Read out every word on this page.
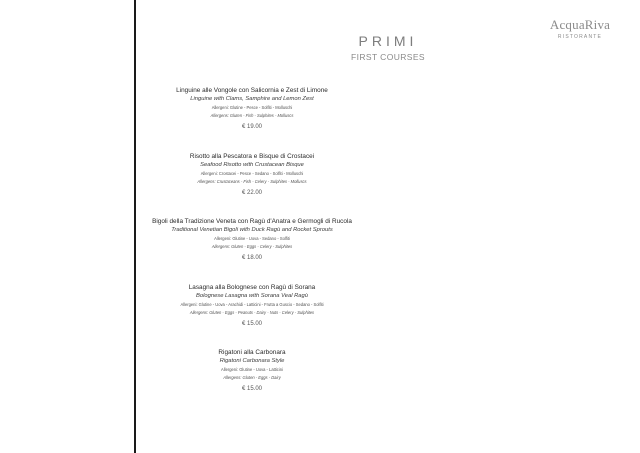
AcquaRiva
RISTORANTE
PRIMI
FIRST COURSES
Linguine alle Vongole con Salicornia e Zest di Limone
Linguine with Clams, Samphire and Lemon Zest
Allergeni: Glutine - Pesce - Solfiti - Molluschi
Allergens: Gluten - Fish - Sulphites - Molluscs
€ 19.00
Risotto alla Pescatora e Bisque di Crostacei
Seafood Risotto with Crustacean Bisque
Allergeni: Crostacei - Pesce - Sedano - Solfiti - Molluschi
Allergens: Crustaceans - Fish - Celery - Sulphites - Molluscs
€ 22.00
Bigoli della Tradizione Veneta con Ragù d'Anatra e Germogli di Rucola
Traditional Venetian Bigoli with Duck Ragù and Rocket Sprouts
Allergeni: Glutine - Uova - Sedano - Solfiti
Allergens: Gluten - Eggs - Celery - Sulphites
€ 18.00
Lasagna alla Bolognese con Ragù di Sorana
Bolognese Lasagna with Sorana Veal Ragù
Allergeni: Glutine - Uova - Arachidi - Latticini - Frutta a Guscio - Sedano - Solfiti
Allergens: Gluten - Eggs - Peanuts - Dairy - Nuts - Celery - Sulphites
€ 15.00
Rigatoni alla Carbonara
Rigatoni Carbonara Style
Allergeni: Glutine - Uova - Latticini
Allergens: Gluten - Eggs - Dairy
€ 15.00
